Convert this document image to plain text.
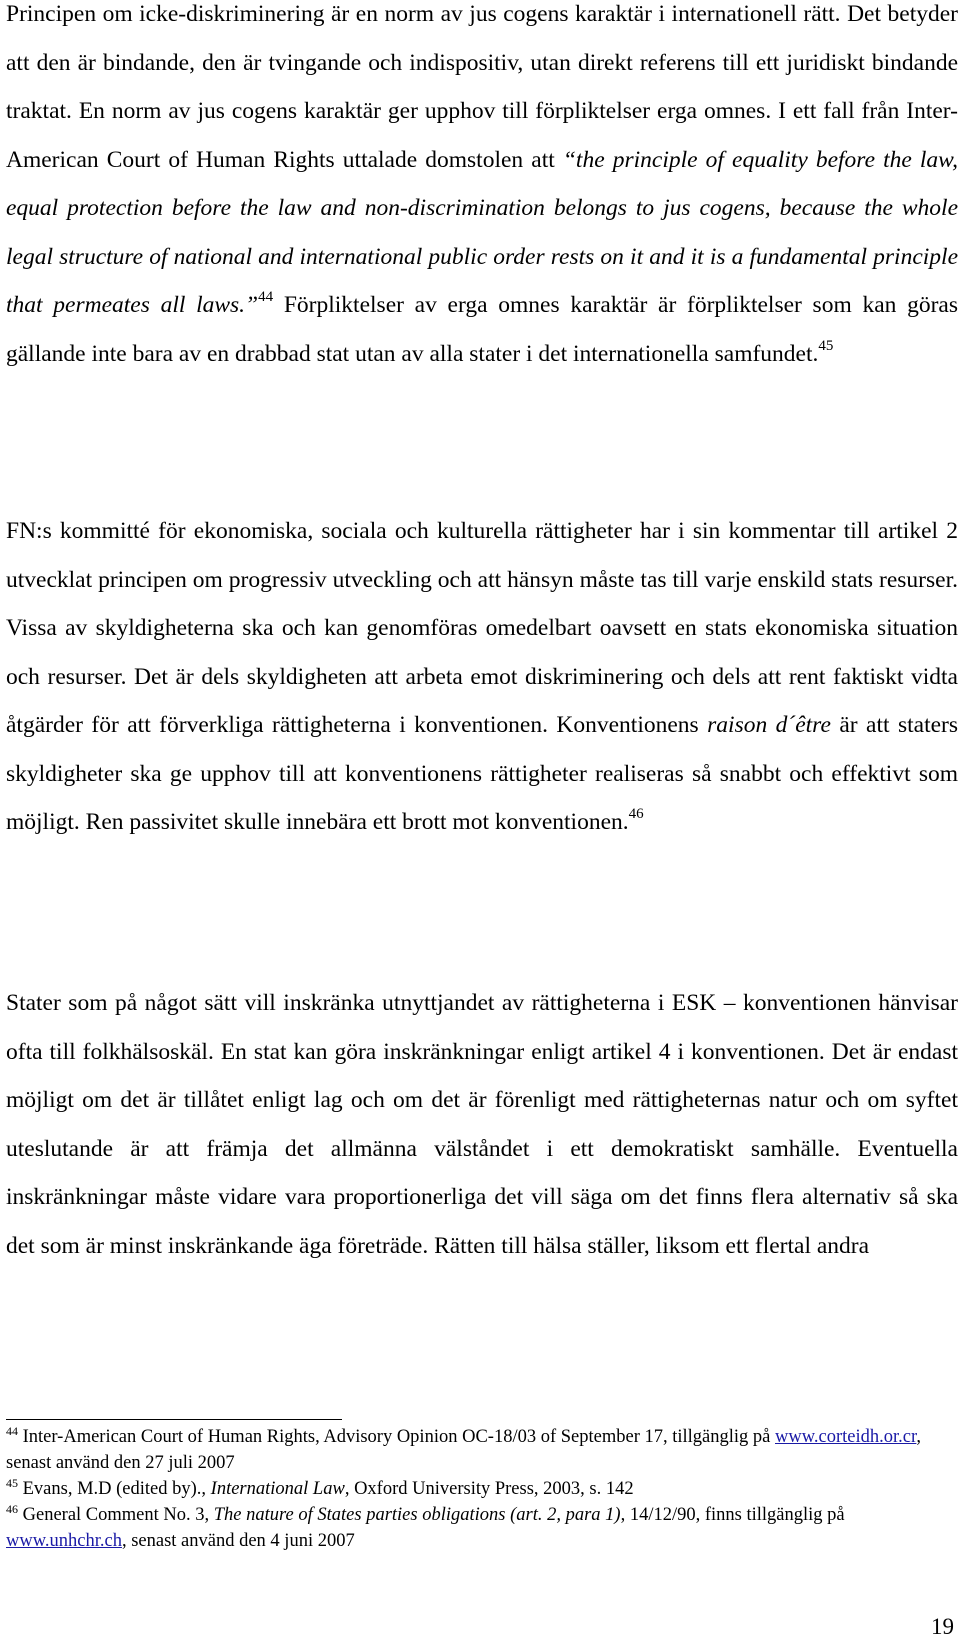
Principen om icke-diskriminering är en norm av jus cogens karaktär i internationell rätt. Det betyder att den är bindande, den är tvingande och indispositiv, utan direkt referens till ett juridiskt bindande traktat. En norm av jus cogens karaktär ger upphov till förpliktelser erga omnes. I ett fall från Inter-American Court of Human Rights uttalade domstolen att “the principle of equality before the law, equal protection before the law and non-discrimination belongs to jus cogens, because the whole legal structure of national and international public order rests on it and it is a fundamental principle that permeates all laws.”$^{44}$ Förpliktelser av erga omnes karaktär är förpliktelser som kan göras gällande inte bara av en drabbad stat utan av alla stater i det internationella samfundet.$^{45}$

FN:s kommitté för ekonomiska, sociala och kulturella rättigheter har i sin kommentar till artikel 2 utvecklat principen om progressiv utveckling och att hänsyn måste tas till varje enskild stats resurser. Vissa av skyldigheterna ska och kan genomföras omedelbart oavsett en stats ekonomiska situation och resurser. Det är dels skyldigheten att arbeta emot diskriminering och dels att rent faktiskt vidta åtgärder för att förverkliga rättigheterna i konventionen. Konventionens raison d´être är att staters skyldigheter ska ge upphov till att konventionens rättigheter realiseras så snabbt och effektivt som möjligt. Ren passivitet skulle innebära ett brott mot konventionen.$^{46}$

Stater som på något sätt vill inskränka utnyttjandet av rättigheterna i ESK – konventionen hänvisar ofta till folkhälsoskäl. En stat kan göra inskränkningar enligt artikel 4 i konventionen. Det är endast möjligt om det är tillåtet enligt lag och om det är förenligt med rättigheternas natur och om syftet uteslutande är att främja det allmänna välståndet i ett demokratiskt samhälle. Eventuella inskränkningar måste vidare vara proportionerliga det vill säga om det finns flera alternativ så ska det som är minst inskränkande äga företräde. Rätten till hälsa ställer, liksom ett flertal andra

$^{44}$ Inter-American Court of Human Rights, Advisory Opinion OC-18/03 of September 17, tillgänglig på www.corteidh.or.cr, senast använd den 27 juli 2007

$^{45}$ Evans, M.D (edited by)., International Law, Oxford University Press, 2003, s. 142

$^{46}$ General Comment No. 3, The nature of States parties obligations (art. 2, para 1), 14/12/90, finns tillgänglig på www.unhchr.ch, senast använd den 4 juni 2007

19
